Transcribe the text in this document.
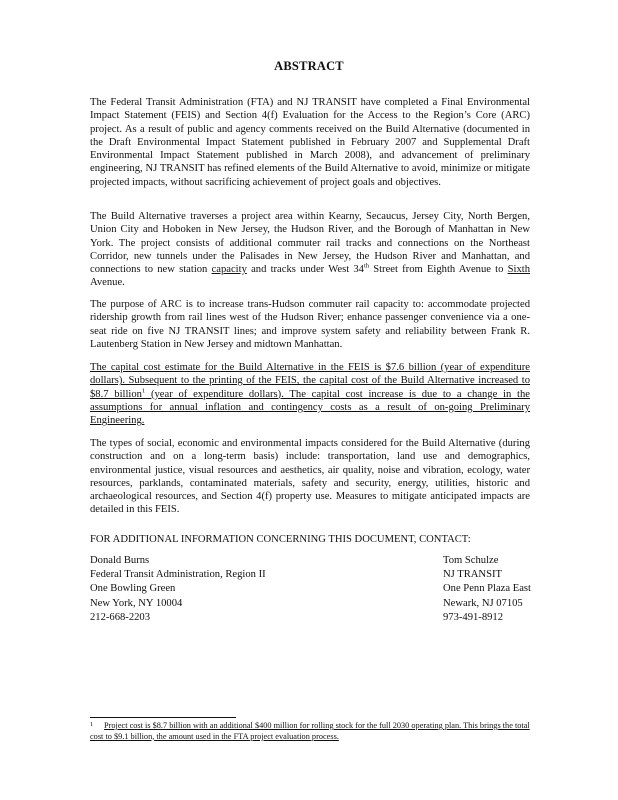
ABSTRACT

The Federal Transit Administration (FTA) and NJ TRANSIT have completed a Final Environmental Impact Statement (FEIS) and Section 4(f) Evaluation for the Access to the Region’s Core (ARC) project. As a result of public and agency comments received on the Build Alternative (documented in the Draft Environmental Impact Statement published in February 2007 and Supplemental Draft Environmental Impact Statement published in March 2008), and advancement of preliminary engineering, NJ TRANSIT has refined elements of the Build Alternative to avoid, minimize or mitigate projected impacts, without sacrificing achievement of project goals and objectives.

The Build Alternative traverses a project area within Kearny, Secaucus, Jersey City, North Bergen, Union City and Hoboken in New Jersey, the Hudson River, and the Borough of Manhattan in New York. The project consists of additional commuter rail tracks and connections on the Northeast Corridor, new tunnels under the Palisades in New Jersey, the Hudson River and Manhattan, and connections to new station capacity and tracks under West 34th Street from Eighth Avenue to Sixth Avenue.

The purpose of ARC is to increase trans-Hudson commuter rail capacity to: accommodate projected ridership growth from rail lines west of the Hudson River; enhance passenger convenience via a one-seat ride on five NJ TRANSIT lines; and improve system safety and reliability between Frank R. Lautenberg Station in New Jersey and midtown Manhattan.

The capital cost estimate for the Build Alternative in the FEIS is $7.6 billion (year of expenditure dollars). Subsequent to the printing of the FEIS, the capital cost of the Build Alternative increased to $8.7 billion$^1$ (year of expenditure dollars). The capital cost increase is due to a change in the assumptions for annual inflation and contingency costs as a result of on-going Preliminary Engineering.

The types of social, economic and environmental impacts considered for the Build Alternative (during construction and on a long-term basis) include: transportation, land use and demographics, environmental justice, visual resources and aesthetics, air quality, noise and vibration, ecology, water resources, parklands, contaminated materials, safety and security, energy, utilities, historic and archaeological resources, and Section 4(f) property use. Measures to mitigate anticipated impacts are detailed in this FEIS.

FOR ADDITIONAL INFORMATION CONCERNING THIS DOCUMENT, CONTACT:
Donald Burns
Federal Transit Administration, Region II
One Bowling Green
New York, NY 10004
212-668-2203
Tom Schulze
NJ TRANSIT
One Penn Plaza East
Newark, NJ 07105
973-491-8912
1 Project cost is $8.7 billion with an additional $400 million for rolling stock for the full 2030 operating plan. This brings the total cost to $9.1 billion, the amount used in the FTA project evaluation process.
